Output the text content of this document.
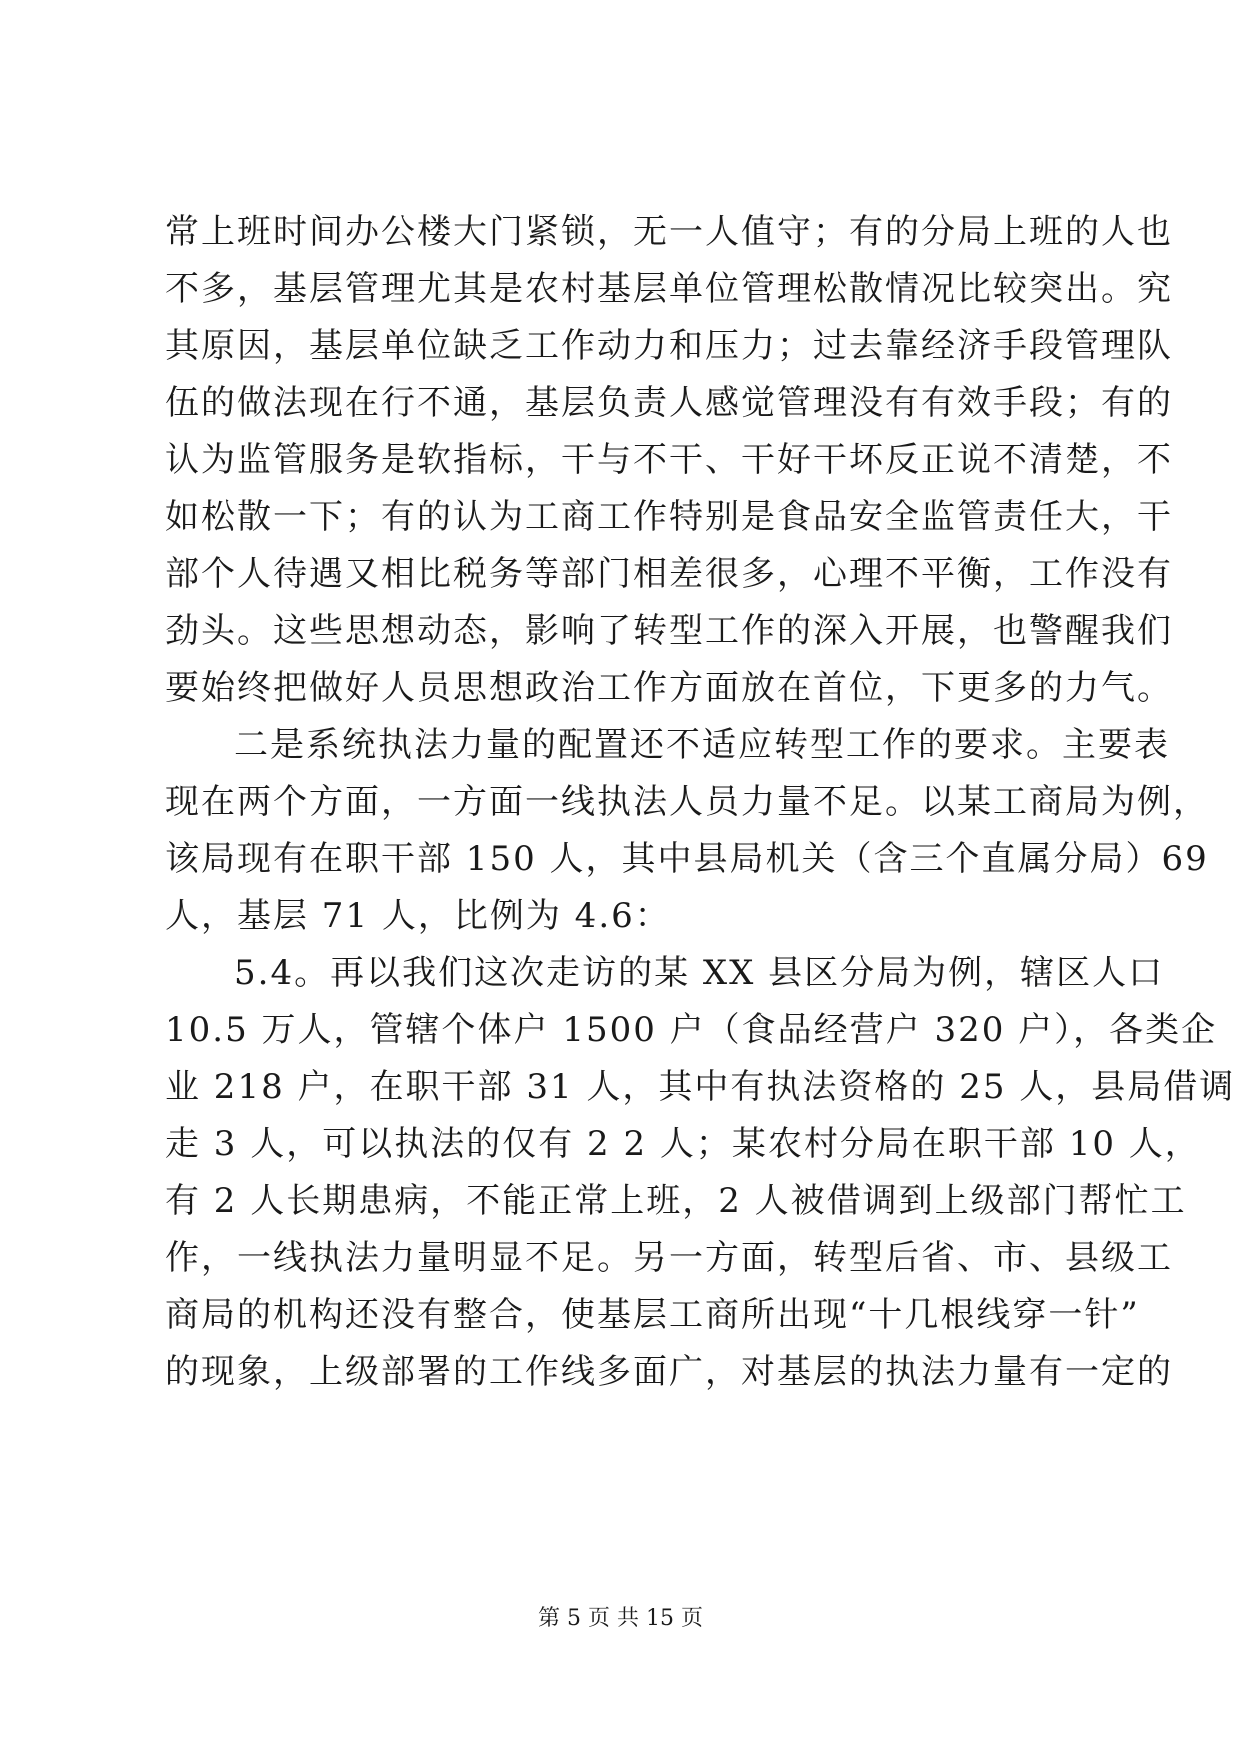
常上班时间办公楼大门紧锁，无一人值守；有的分局上班的人也
不多，基层管理尤其是农村基层单位管理松散情况比较突出。究
其原因，基层单位缺乏工作动力和压力；过去靠经济手段管理队
伍的做法现在行不通，基层负责人感觉管理没有有效手段；有的
认为监管服务是软指标，干与不干、干好干坏反正说不清楚，不
如松散一下；有的认为工商工作特别是食品安全监管责任大，干
部个人待遇又相比税务等部门相差很多，心理不平衡，工作没有
劲头。这些思想动态，影响了转型工作的深入开展，也警醒我们
要始终把做好人员思想政治工作方面放在首位，下更多的力气。
二是系统执法力量的配置还不适应转型工作的要求。主要表
现在两个方面，一方面一线执法人员力量不足。以某工商局为例，
该局现有在职干部 150 人，其中县局机关（含三个直属分局）69
人，基层 71 人，比例为 4.6：
5.4。再以我们这次走访的某 XX 县区分局为例，辖区人口
10.5 万人，管辖个体户 1500 户（食品经营户 320 户），各类企
业 218 户，在职干部 31 人，其中有执法资格的 25 人，县局借调
走 3 人，可以执法的仅有 2 2 人；某农村分局在职干部 10 人，
有 2 人长期患病，不能正常上班，2 人被借调到上级部门帮忙工
作，一线执法力量明显不足。另一方面，转型后省、市、县级工
商局的机构还没有整合，使基层工商所出现“十几根线穿一针”
的现象，上级部署的工作线多面广，对基层的执法力量有一定的
第 5 页 共 15 页
